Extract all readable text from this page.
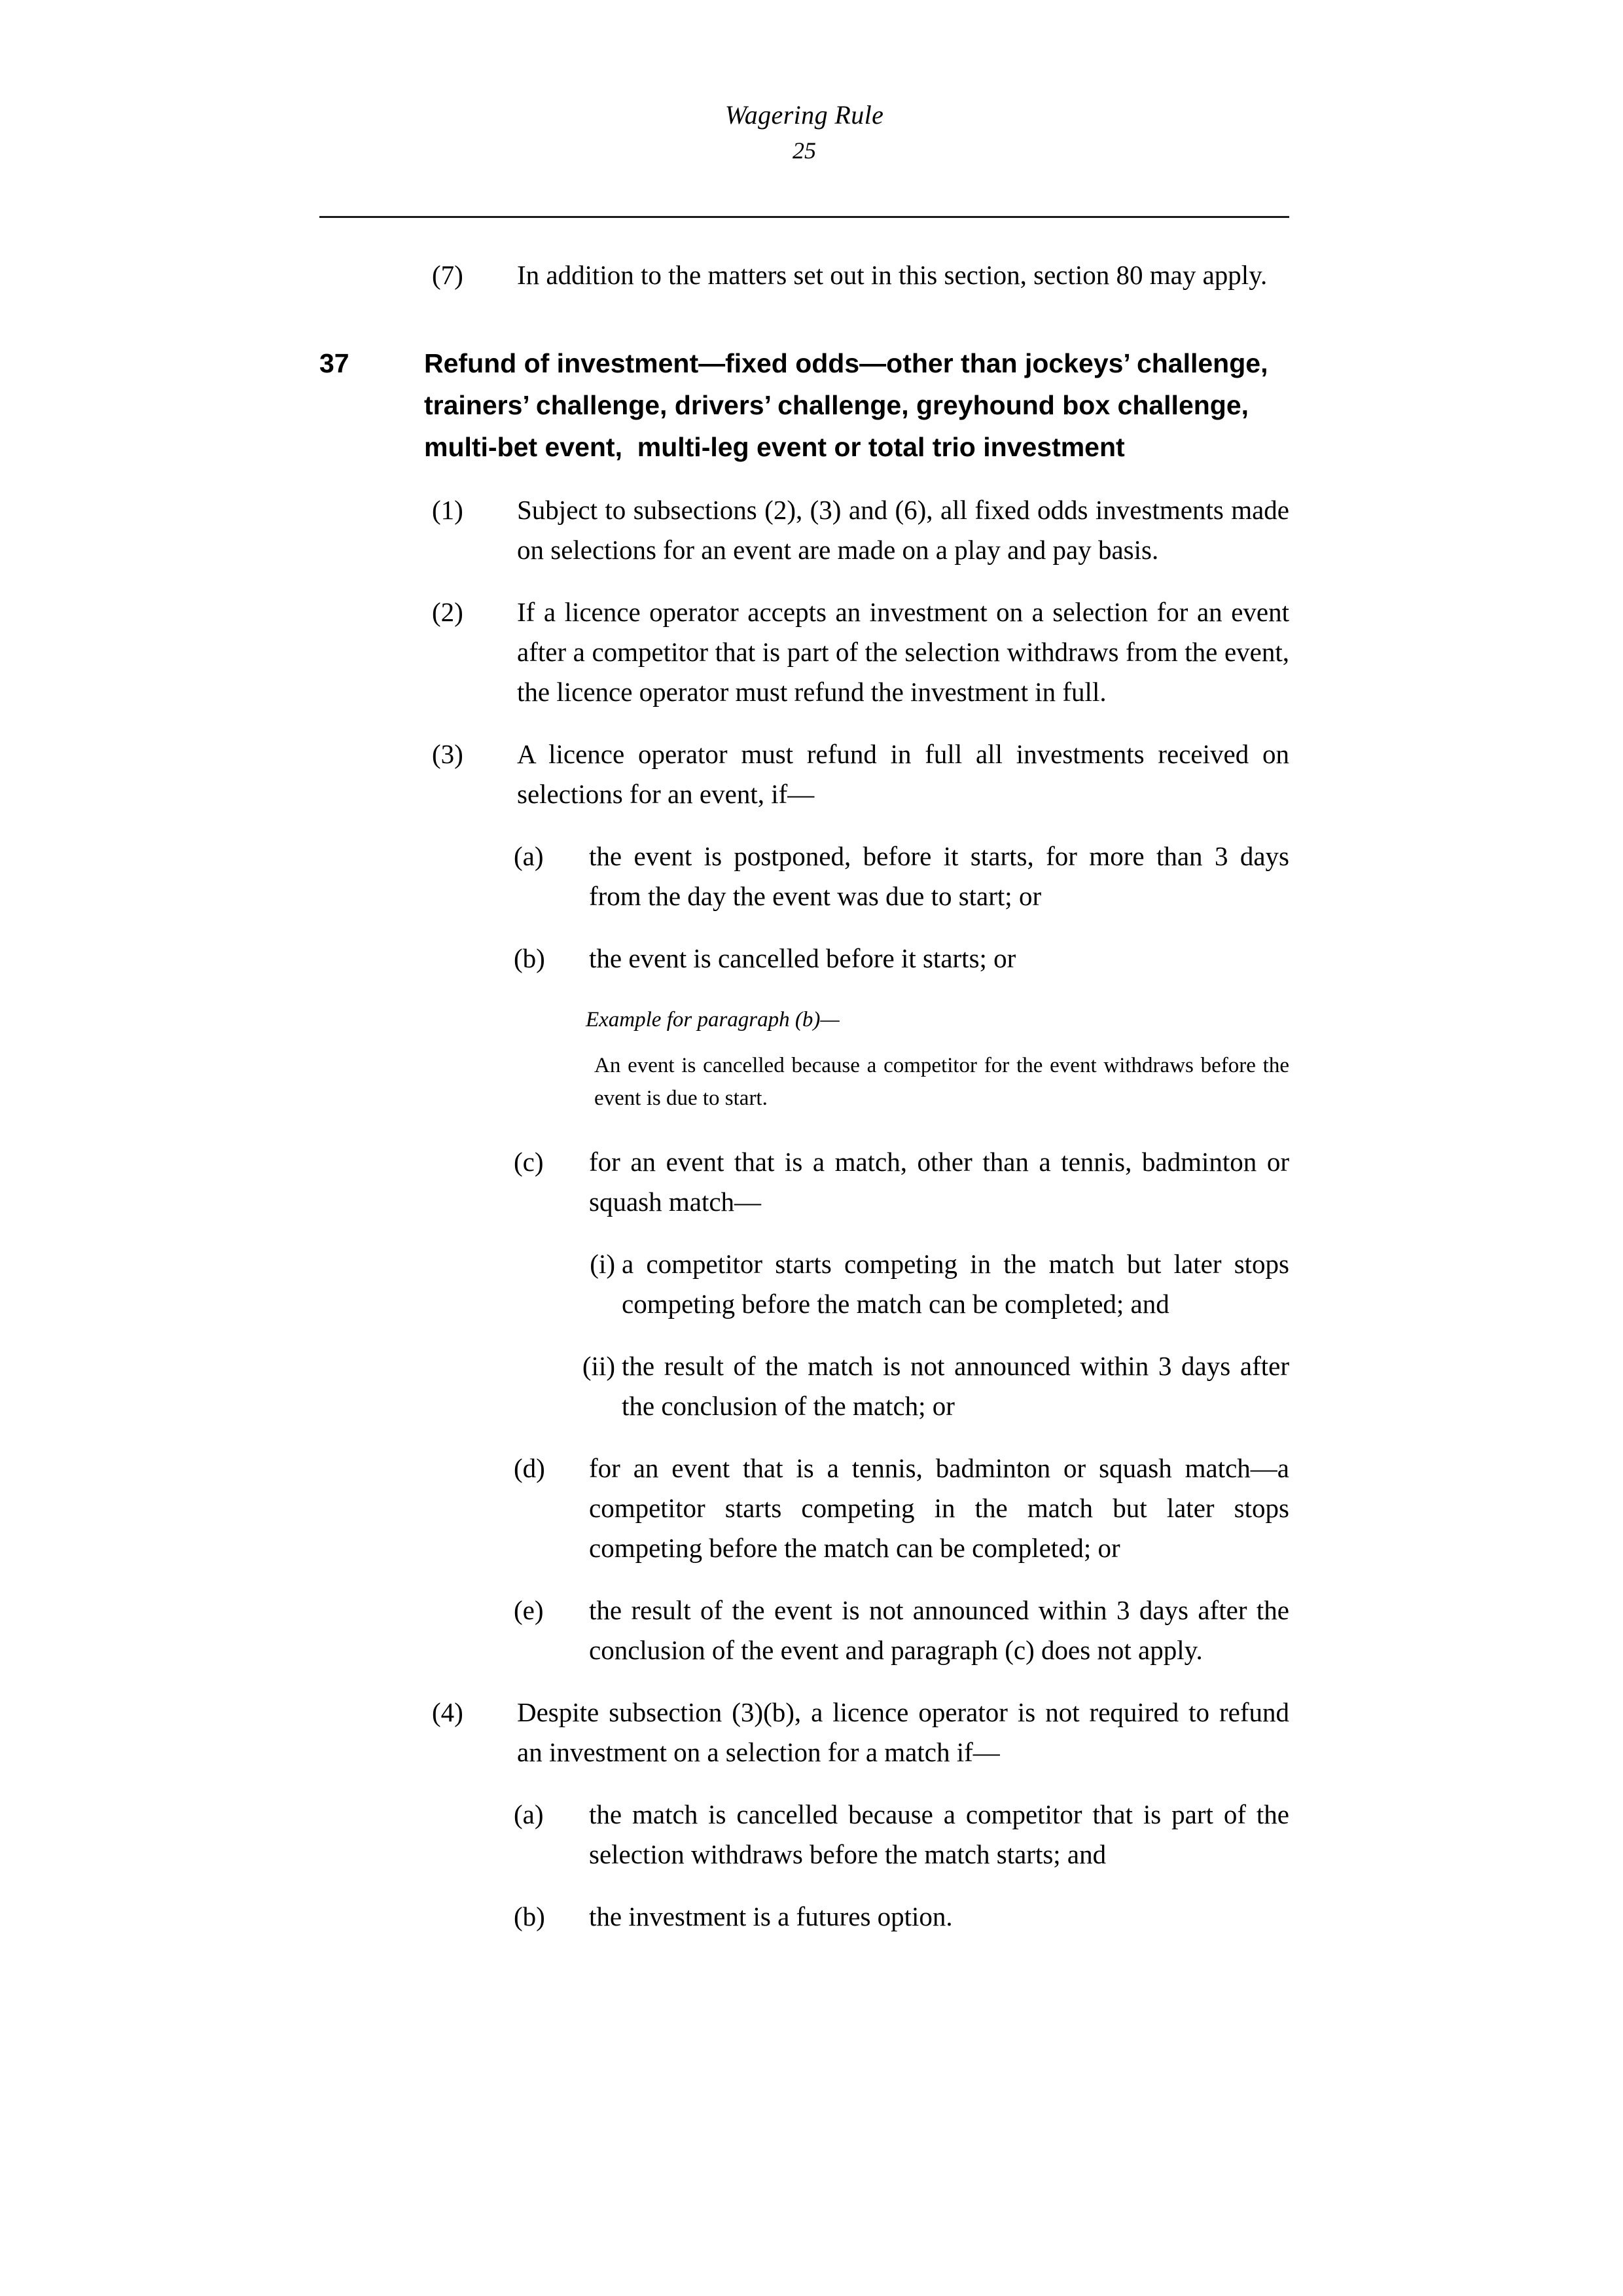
Wagering Rule
25
(7)	In addition to the matters set out in this section, section 80 may apply.
37	Refund of investment—fixed odds—other than jockeys’ challenge, trainers’ challenge, drivers’ challenge, greyhound box challenge, multi-bet event,  multi-leg event or total trio investment
(1)	Subject to subsections (2), (3) and (6), all fixed odds investments made on selections for an event are made on a play and pay basis.
(2)	If a licence operator accepts an investment on a selection for an event after a competitor that is part of the selection withdraws from the event, the licence operator must refund the investment in full.
(3)	A licence operator must refund in full all investments received on selections for an event, if—
(a)	the event is postponed, before it starts, for more than 3 days from the day the event was due to start; or
(b)	the event is cancelled before it starts; or
Example for paragraph (b)—
An event is cancelled because a competitor for the event withdraws before the event is due to start.
(c)	for an event that is a match, other than a tennis, badminton or squash match—
(i) a competitor starts competing in the match but later stops competing before the match can be completed; and
(ii) the result of the match is not announced within 3 days after the conclusion of the match; or
(d)	for an event that is a tennis, badminton or squash match—a competitor starts competing in the match but later stops competing before the match can be completed; or
(e)	the result of the event is not announced within 3 days after the conclusion of the event and paragraph (c) does not apply.
(4)	Despite subsection (3)(b), a licence operator is not required to refund an investment on a selection for a match if—
(a)	the match is cancelled because a competitor that is part of the selection withdraws before the match starts; and
(b)	the investment is a futures option.
